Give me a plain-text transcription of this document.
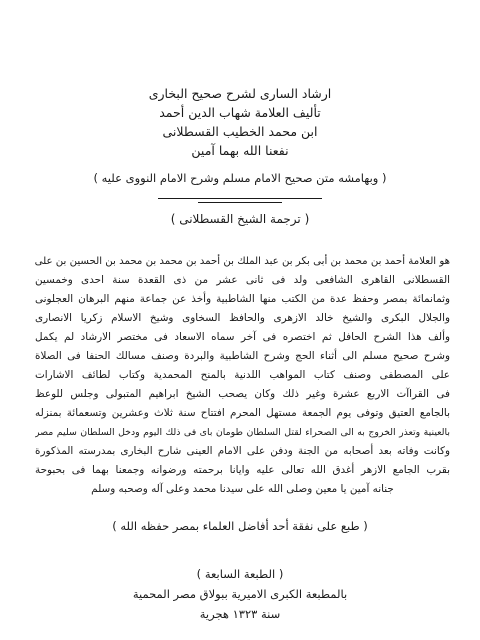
ارشاد السارى لشرح صحيح البخارى
تأليف العلامة شهاب الدين أحمد
ابن محمد الخطيب القسطلانى
نفعنا الله بهما آمين
( وبهامشه متن صحيح الامام مسلم وشرح الامام النووى عليه )
( ترجمة الشيخ القسطلانى )
هو العلامة أحمد بن محمد بن أبى بكر بن عبد الملك بن أحمد بن محمد بن محمد بن الحسين بن على
القسطلانى القاهرى الشافعى ولد فى ثانى عشر من ذى القعدة سنة احدى وخمسين
وثمانمائة بمصر وحفظ عدة من الكتب منها الشاطبية وأخذ عن جماعة منهم البرهان العجلونى
والجلال البكرى والشيخ خالد الازهرى والحافظ السخاوى وشيخ الاسلام زكريا الانصارى
وألف هذا الشرح الحافل ثم اختصره فى آخر سماه الاسعاد فى مختصر الارشاد لم يكمل
وشرح صحيح مسلم الى أثناء الحج وشرح الشاطبية والبردة وصنف مسالك الحنفا فى الصلاة
على المصطفى وصنف كتاب المواهب اللدنية بالمنح المحمدية وكتاب لطائف الاشارات
فى القراآت الاربع عشرة وغير ذلك وكان يصحب الشيخ ابراهيم المتبولى وجلس للوعظ
بالجامع العتيق وتوفى يوم الجمعة مستهل المحرم افتتاح سنة ثلاث وعشرين وتسعمائة بمنزله
بالعينية وتعذر الخروج به الى الصحراء لقتل السلطان طومان باى فى ذلك اليوم ودخل السلطان سليم مصر
وكانت وفاته بعد أصحابه من الجنة ودفن على الامام العينى شارح البخارى بمدرسته المذكورة
بقرب الجامع الازهر أغدق الله تعالى عليه وايانا برحمته ورضوانه وجمعنا بهما فى بحبوحة
جنانه آمين يا معين وصلى الله على سيدنا محمد وعلى آله وصحبه وسلم
( طبع على نفقة أحد أفاضل العلماء بمصر حفظه الله )
( الطبعة السابعة )
بالمطبعة الكبرى الاميرية ببولاق مصر المحمية
سنة ١٣٢٣ هجرية
